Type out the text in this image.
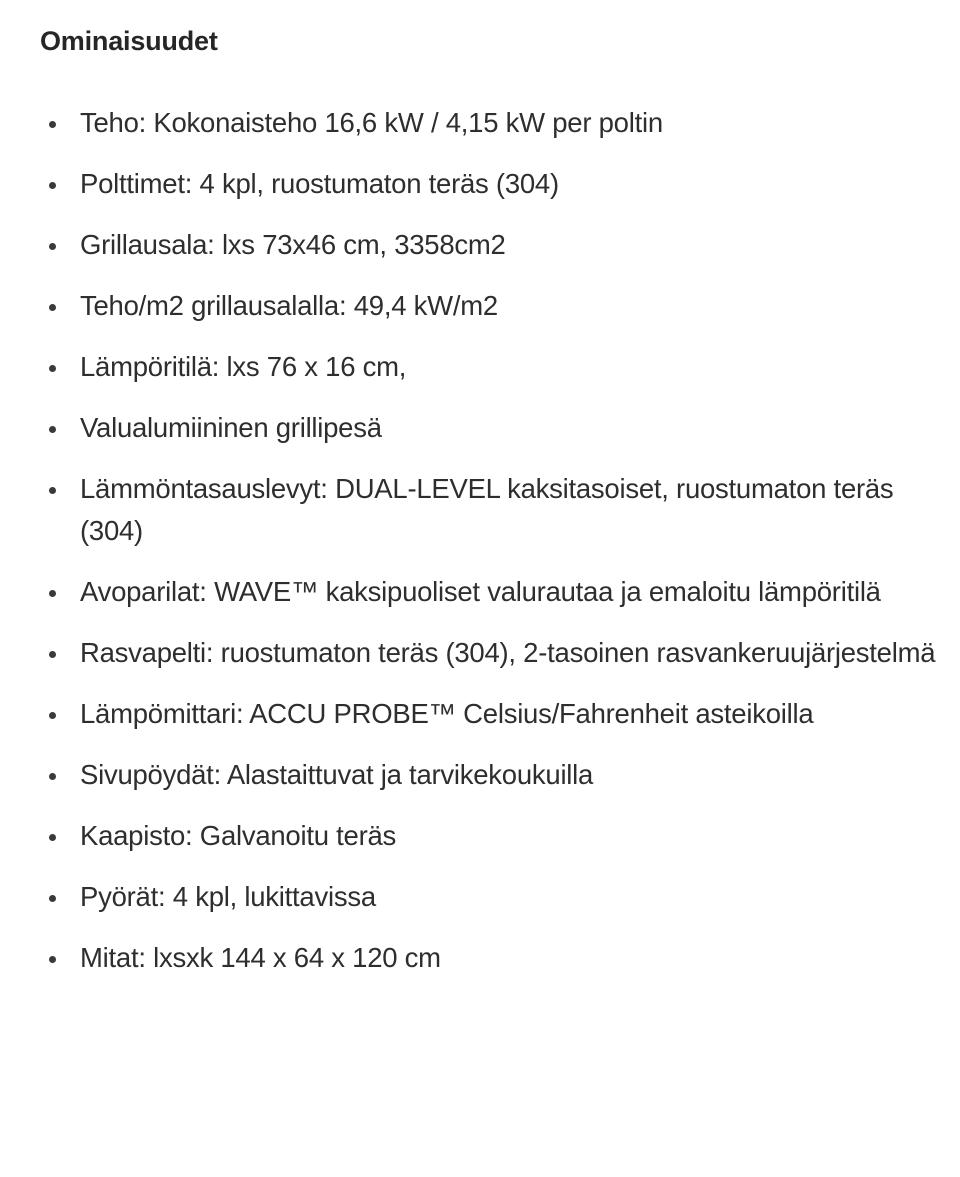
Ominaisuudet
Teho: Kokonaisteho 16,6 kW / 4,15 kW per poltin
Polttimet: 4 kpl, ruostumaton teräs (304)
Grillausala: lxs 73x46 cm, 3358cm2
Teho/m2 grillausalalla: 49,4 kW/m2
Lämpöritilä: lxs 76 x 16 cm,
Valualumiininen grillipesä
Lämmöntasauslevyt: DUAL-LEVEL kaksitasoiset, ruostumaton teräs (304)
Avoparilat: WAVE™ kaksipuoliset valurautaa ja emaloitu lämpöritilä
Rasvapelti: ruostumaton teräs (304), 2-tasoinen rasvankeruujärjestelmä
Lämpömittari: ACCU PROBE™ Celsius/Fahrenheit asteikoilla
Sivupöydät: Alastaittuvat ja tarvikekoukuilla
Kaapisto: Galvanoitu teräs
Pyörät: 4 kpl, lukittavissa
Mitat: lxsxk 144 x 64 x 120 cm
